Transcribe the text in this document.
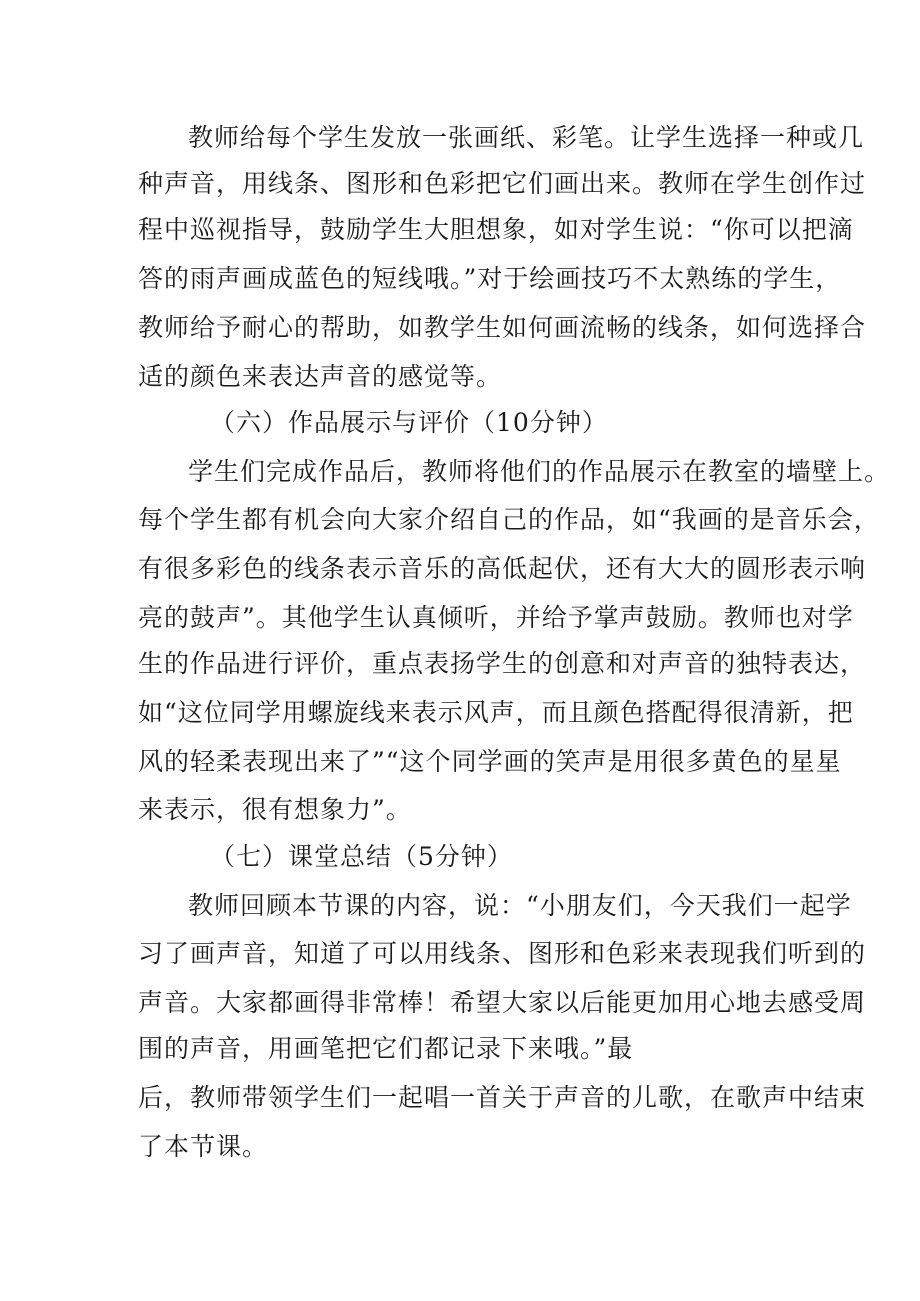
教师给每个学生发放一张画纸、彩笔。让学生选择一种或几
种声音，用线条、图形和色彩把它们画出来。教师在学生创作过
程中巡视指导，鼓励学生大胆想象，如对学生说：“你可以把滴
答的雨声画成蓝色的短线哦。”对于绘画技巧不太熟练的学生，
教师给予耐心的帮助，如教学生如何画流畅的线条，如何选择合
适的颜色来表达声音的感觉等。
（六）作品展示与评价（10分钟）
学生们完成作品后，教师将他们的作品展示在教室的墙壁上。
每个学生都有机会向大家介绍自己的作品，如“我画的是音乐会，
有很多彩色的线条表示音乐的高低起伏，还有大大的圆形表示响
亮的鼓声”。其他学生认真倾听，并给予掌声鼓励。教师也对学
生的作品进行评价，重点表扬学生的创意和对声音的独特表达，
如“这位同学用螺旋线来表示风声，而且颜色搭配得很清新，把
风的轻柔表现出来了”“这个同学画的笑声是用很多黄色的星星
来表示，很有想象力”。
（七）课堂总结（5分钟）
教师回顾本节课的内容，说：“小朋友们，今天我们一起学
习了画声音，知道了可以用线条、图形和色彩来表现我们听到的
声音。大家都画得非常棒！希望大家以后能更加用心地去感受周
围的声音，用画笔把它们都记录下来哦。”最
后，教师带领学生们一起唱一首关于声音的儿歌，在歌声中结束
了本节课。
